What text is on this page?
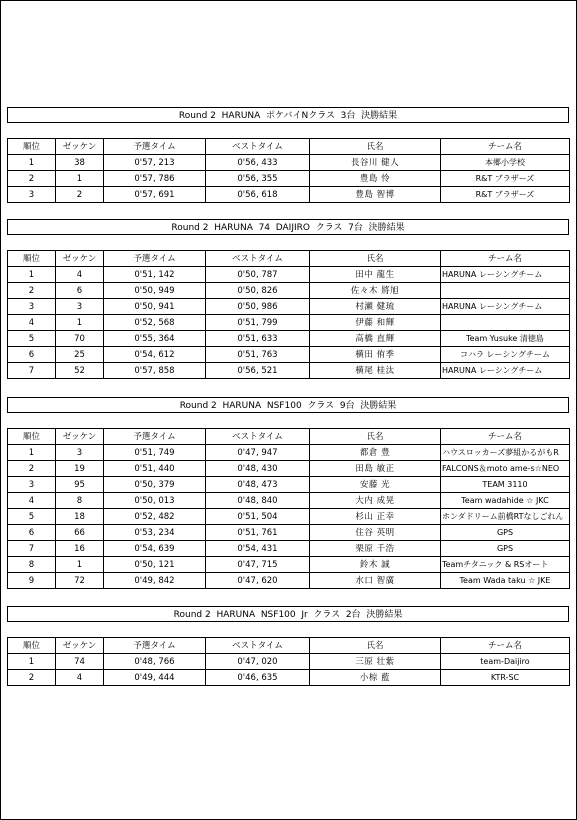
Round 2  HARUNA  ポケバイNクラス  3台  決勝結果
順位	ゼッケン	予選タイム	ベストタイム	氏名	チーム名
1	38	0'57, 213	0'56, 433	長谷川 健人	本郷小学校
2	1	0'57, 786	0'56, 355	豊島 怜	R&T ブラザーズ
3	2	0'57, 691	0'56, 618	豊島 智博	R&T ブラザーズ
Round 2  HARUNA  74  DAIJIRO  クラス  7台  決勝結果
順位	ゼッケン	予選タイム	ベストタイム	氏名	チーム名
1	4	0'51, 142	0'50, 787	田中 龍生	HARUNA レーシングチーム
2	6	0'50, 949	0'50, 826	佐々木 將旭	
3	3	0'50, 941	0'50, 986	村瀬 健琉	HARUNA レーシングチーム
4	1	0'52, 568	0'51, 799	伊藤 和輝	
5	70	0'55, 364	0'51, 633	高橋 直輝	Team Yusuke 清徳島
6	25	0'54, 612	0'51, 763	横田 侑季	コハラ レーシングチーム
7	52	0'57, 858	0'56, 521	横尾 桂汰	HARUNA レーシングチーム
Round 2  HARUNA  NSF100  クラス  9台  決勝結果
順位	ゼッケン	予選タイム	ベストタイム	氏名	チーム名
1	3	0'51, 749	0'47, 947	都倉 豊	ハウスロッカーズ夢組かるがもR
2	19	0'51, 440	0'48, 430	田島 敏正	FALCONS＆moto ame-s☆NEO
3	95	0'50, 379	0'48, 473	安藤 光	TEAM 3110
4	8	0'50, 013	0'48, 840	大内 成晃	Team wadahide ☆ JKC
5	18	0'52, 482	0'51, 504	杉山 正幸	ホンダドリーム前橋RTなしごれん
6	66	0'53, 234	0'51, 761	住谷 英明	GPS
7	16	0'54, 639	0'54, 431	栗原 千浩	GPS
8	1	0'50, 121	0'47, 715	鈴木 誠	Teamチタニック & RSオート
9	72	0'49, 842	0'47, 620	水口 智廣	Team Wada taku ☆ JKE
Round 2  HARUNA  NSF100  Jr  クラス  2台  決勝結果
順位	ゼッケン	予選タイム	ベストタイム	氏名	チーム名
1	74	0'48, 766	0'47, 020	三原 壮紫	team-Daijiro
2	4	0'49, 444	0'46, 635	小椋 藍	KTR-SC
